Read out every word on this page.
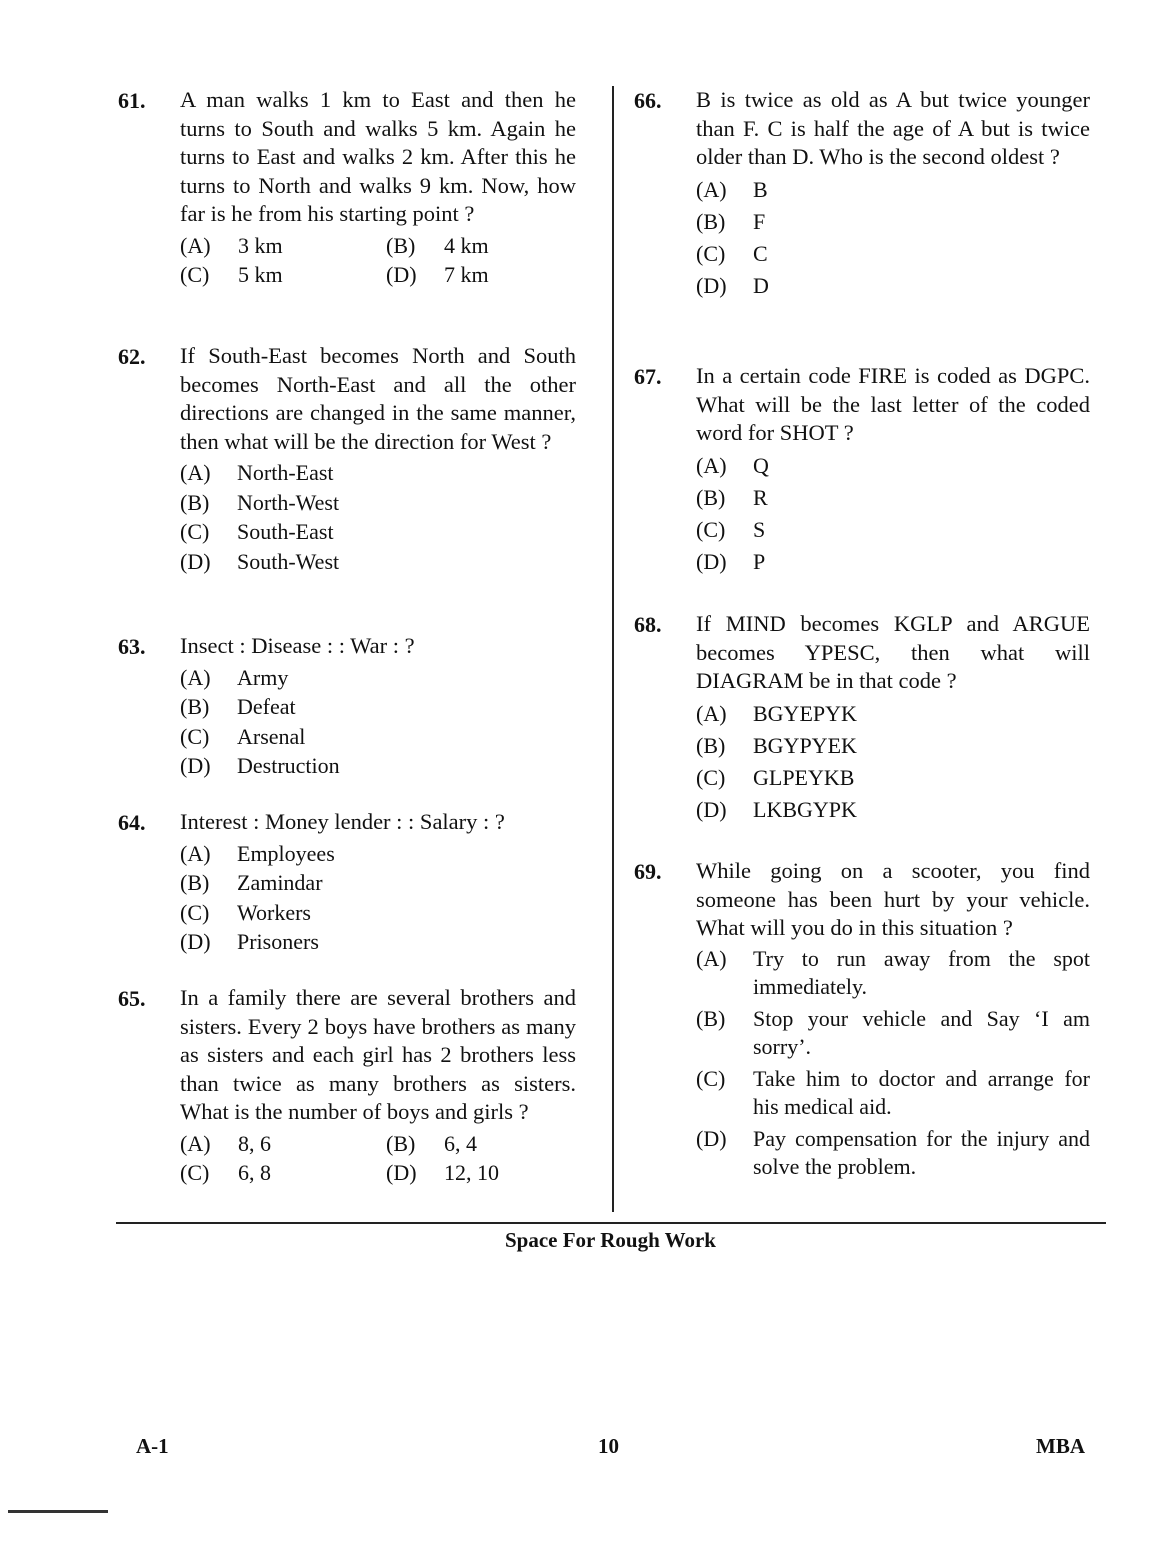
61.	A man walks 1 km to East and then he turns to South and walks 5 km. Again he turns to East and walks 2 km. After this he turns to North and walks 9 km. Now, how far is he from his starting point ?
(A)	3 km	(B)	4 km
(C)	5 km	(D)	7 km
62.	If South-East becomes North and South becomes North-East and all the other directions are changed in the same manner, then what will be the direction for West ?
(A)	North-East
(B)	North-West
(C)	South-East
(D)	South-West
63.	Insect : Disease : : War : ?
(A)	Army
(B)	Defeat
(C)	Arsenal
(D)	Destruction
64.	Interest : Money lender : : Salary : ?
(A)	Employees
(B)	Zamindar
(C)	Workers
(D)	Prisoners
65.	In a family there are several brothers and sisters. Every 2 boys have brothers as many as sisters and each girl has 2 brothers less than twice as many brothers as sisters. What is the number of boys and girls ?
(A)	8, 6	(B)	6, 4
(C)	6, 8	(D)	12, 10
66.	B is twice as old as A but twice younger than F. C is half the age of A but is twice older than D. Who is the second oldest ?
(A)	B
(B)	F
(C)	C
(D)	D
67.	In a certain code FIRE is coded as DGPC. What will be the last letter of the coded word for SHOT ?
(A)	Q
(B)	R
(C)	S
(D)	P
68.	If MIND becomes KGLP and ARGUE becomes YPESC, then what will DIAGRAM be in that code ?
(A)	BGYEPYK
(B)	BGYPYEK
(C)	GLPEYKB
(D)	LKBGYPK
69.	While going on a scooter, you find someone has been hurt by your vehicle. What will you do in this situation ?
(A)	Try to run away from the spot immediately.
(B)	Stop your vehicle and Say ‘I am sorry’.
(C)	Take him to doctor and arrange for his medical aid.
(D)	Pay compensation for the injury and solve the problem.
Space For Rough Work
A-1	10	MBA
